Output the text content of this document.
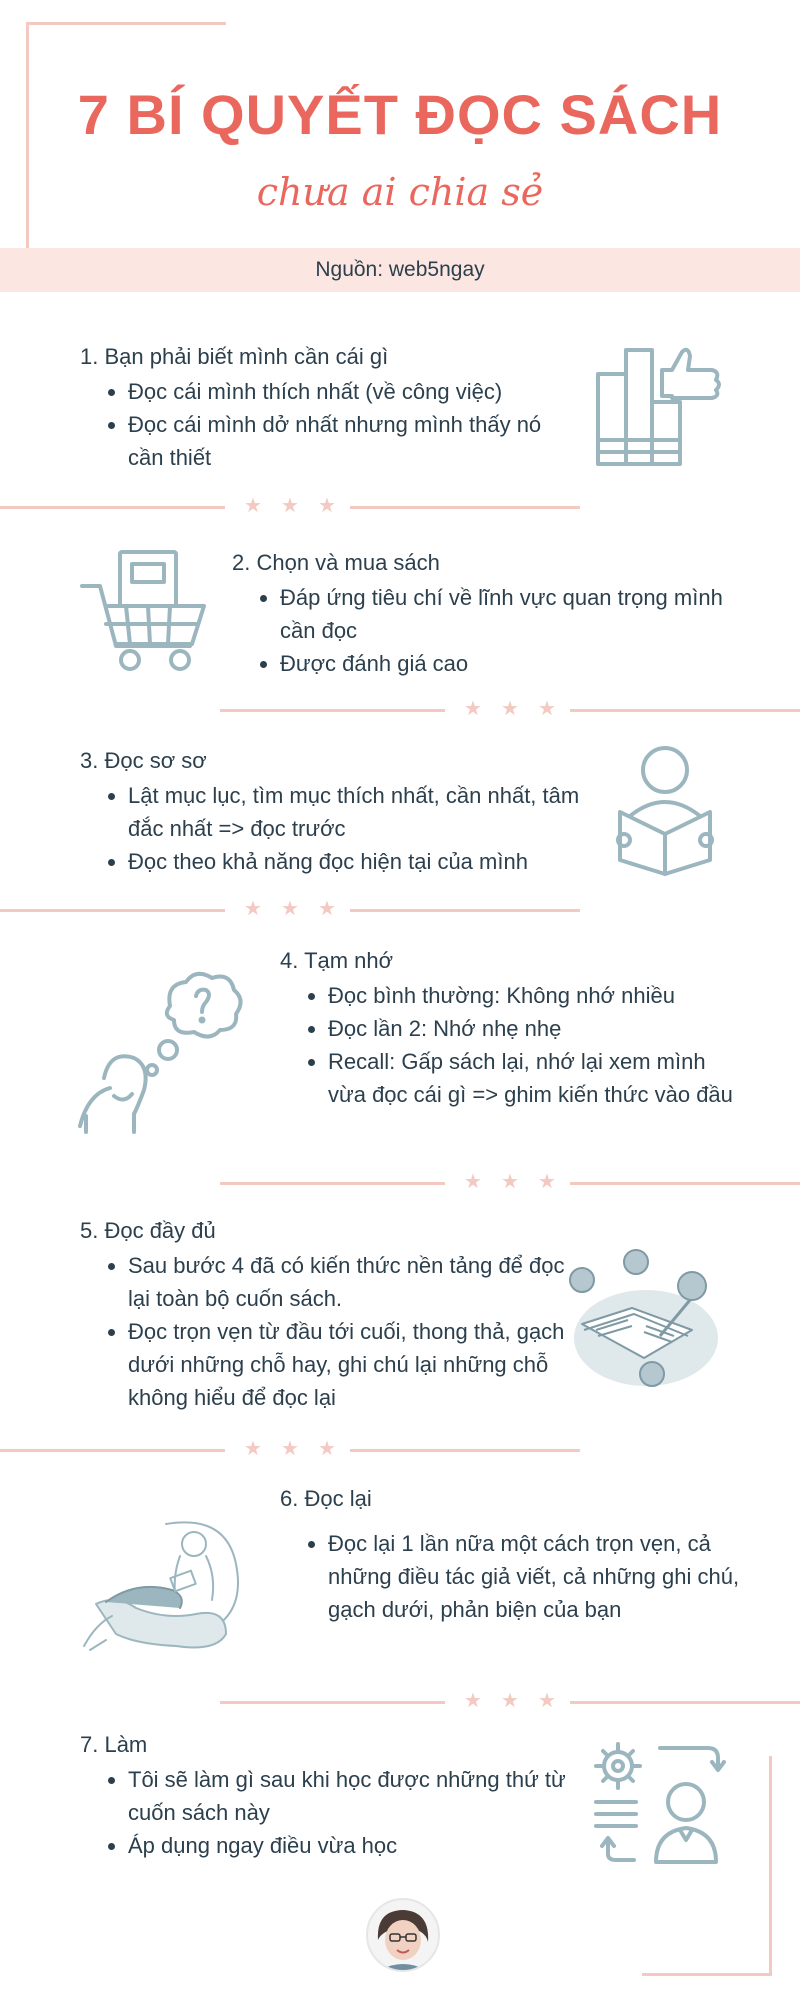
7 BÍ QUYẾT ĐỌC SÁCH
chưa ai chia sẻ
Nguồn: web5ngay
1. Bạn phải biết mình cần cái gì
• Đọc cái mình thích nhất (về công việc)
• Đọc cái mình dở nhất nhưng mình thấy nó cần thiết
★ ★ ★
2. Chọn và mua sách
• Đáp ứng tiêu chí về lĩnh vực quan trọng mình cần đọc
• Được đánh giá cao
★ ★ ★
3. Đọc sơ sơ
• Lật mục lục, tìm mục thích nhất, cần nhất, tâm đắc nhất => đọc trước
• Đọc theo khả năng đọc hiện tại của mình
★ ★ ★
4. Tạm nhớ
• Đọc bình thường: Không nhớ nhiều
• Đọc lần 2: Nhớ nhẹ nhẹ
• Recall: Gấp sách lại, nhớ lại xem mình vừa đọc cái gì => ghim kiến thức vào đầu
★ ★ ★
5. Đọc đầy đủ
• Sau bước 4 đã có kiến thức nền tảng để đọc lại toàn bộ cuốn sách.
• Đọc trọn vẹn từ đầu tới cuối, thong thả, gạch dưới những chỗ hay, ghi chú lại những chỗ không hiểu để đọc lại
★ ★ ★
6. Đọc lại
• Đọc lại 1 lần nữa một cách trọn vẹn, cả những điều tác giả viết, cả những ghi chú, gạch dưới, phản biện của bạn
★ ★ ★
7. Làm
• Tôi sẽ làm gì sau khi học được những thứ từ cuốn sách này
• Áp dụng ngay điều vừa học
